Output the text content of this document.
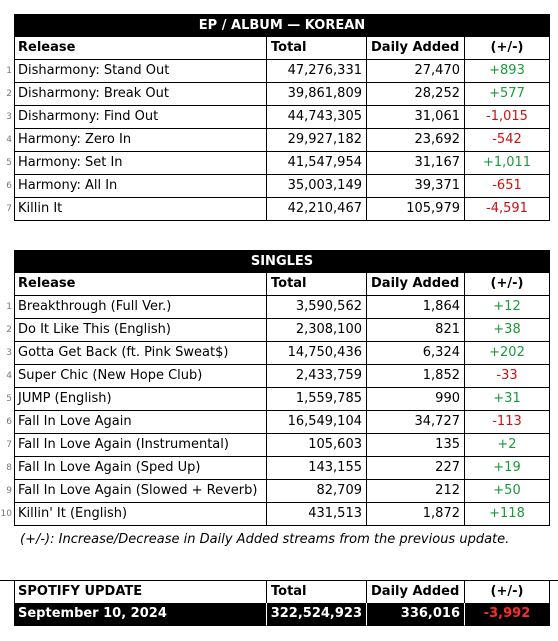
EP / ALBUM — KOREAN
Release	Total	Daily Added	(+/-)
1 Disharmony: Stand Out	47,276,331	27,470	+893
2 Disharmony: Break Out	39,861,809	28,252	+577
3 Disharmony: Find Out	44,743,305	31,061	-1,015
4 Harmony: Zero In	29,927,182	23,692	-542
5 Harmony: Set In	41,547,954	31,167	+1,011
6 Harmony: All In	35,003,149	39,371	-651
7 Killin It	42,210,467	105,979	-4,591
SINGLES
Release	Total	Daily Added	(+/-)
1 Breakthrough (Full Ver.)	3,590,562	1,864	+12
2 Do It Like This (English)	2,308,100	821	+38
3 Gotta Get Back (ft. Pink Sweat$)	14,750,436	6,324	+202
4 Super Chic (New Hope Club)	2,433,759	1,852	-33
5 JUMP (English)	1,559,785	990	+31
6 Fall In Love Again	16,549,104	34,727	-113
7 Fall In Love Again (Instrumental)	105,603	135	+2
8 Fall In Love Again (Sped Up)	143,155	227	+19
9 Fall In Love Again (Slowed + Reverb)	82,709	212	+50
10 Killin' It (English)	431,513	1,872	+118
(+/-): Increase/Decrease in Daily Added streams from the previous update.
SPOTIFY UPDATE	Total	Daily Added	(+/-)
September 10, 2024	322,524,923	336,016	-3,992
